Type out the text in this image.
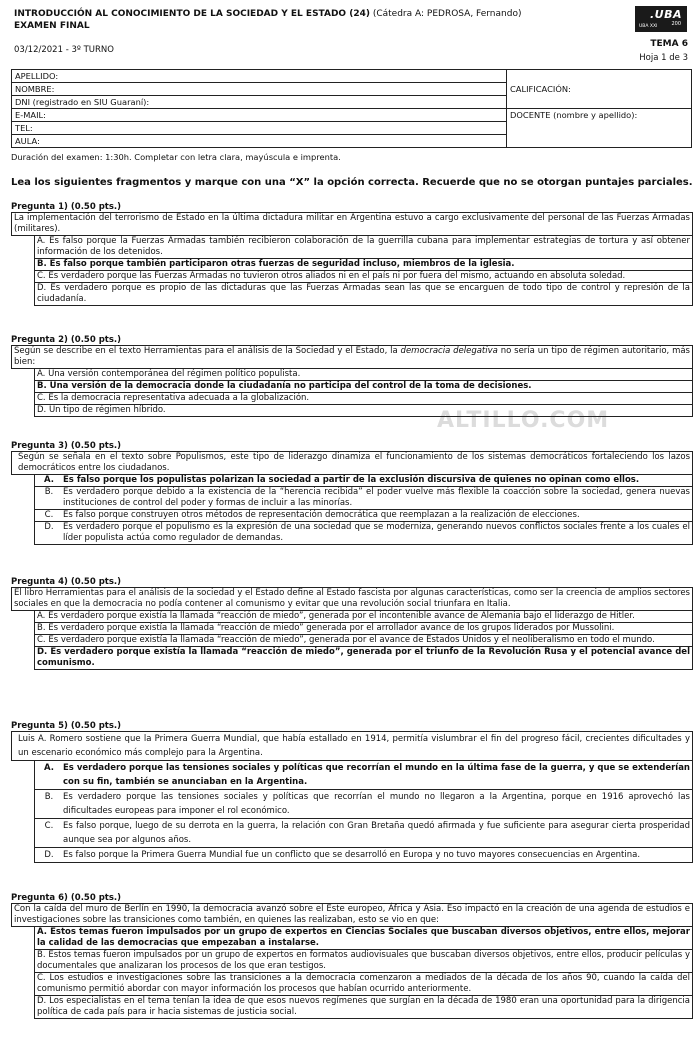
INTRODUCCIÓN AL CONOCIMIENTO DE LA SOCIEDAD Y EL ESTADO (24) (Cátedra A: PEDROSA, Fernando)
EXAMEN FINAL
03/12/2021 - 3º TURNO
.UBA
UBA XXI	200
TEMA 6
Hoja 1 de 3
APELLIDO:	CALIFICACIÓN:
NOMBRE:	
DNI (registrado en SIU Guaraní):	
E-MAIL:	DOCENTE (nombre y apellido):
TEL:	
AULA:	
Duración del examen: 1:30h. Completar con letra clara, mayúscula e imprenta.
Lea los siguientes fragmentos y marque con una “X” la opción correcta. Recuerde que no se otorgan puntajes parciales.
ALTILLO.COM
Pregunta 1) (0.50 pts.)
La implementación del terrorismo de Estado en la última dictadura militar en Argentina estuvo a cargo exclusivamente del personal de las Fuerzas Armadas (militares).
A. Es falso porque la Fuerzas Armadas también recibieron colaboración de la guerrilla cubana para implementar estrategias de tortura y así obtener información de los detenidos.
B. Es falso porque también participaron otras fuerzas de seguridad incluso, miembros de la iglesia.
C. Es verdadero porque las Fuerzas Armadas no tuvieron otros aliados ni en el país ni por fuera del mismo, actuando en absoluta soledad.
D. Es verdadero porque es propio de las dictaduras que las Fuerzas Armadas sean las que se encarguen de todo tipo de control y represión de la ciudadanía.
Pregunta 2) (0.50 pts.)
Según se describe en el texto Herramientas para el análisis de la Sociedad y el Estado, la democracia delegativa no sería un tipo de régimen autoritario, más bien:
A. Una versión contemporánea del régimen político populista.
B. Una versión de la democracia donde la ciudadanía no participa del control de la toma de decisiones.
C. Es la democracia representativa adecuada a la globalización.
D. Un tipo de régimen híbrido.
Pregunta 3) (0.50 pts.)
Según se señala en el texto sobre Populismos, este tipo de liderazgo dinamiza el funcionamiento de los sistemas democráticos fortaleciendo los lazos democráticos entre los ciudadanos.
A.	Es falso porque los populistas polarizan la sociedad a partir de la exclusión discursiva de quienes no opinan como ellos.
B.	Es verdadero porque debido a la existencia de la “herencia recibida” el poder vuelve más flexible la coacción sobre la sociedad, genera nuevas instituciones de control del poder y formas de incluir a las minorías.
C.	Es falso porque construyen otros métodos de representación democrática que reemplazan a la realización de elecciones.
D.	Es verdadero porque el populismo es la expresión de una sociedad que se moderniza, generando nuevos conflictos sociales frente a los cuales el líder populista actúa como regulador de demandas.
Pregunta 4) (0.50 pts.)
El libro Herramientas para el análisis de la sociedad y el Estado define al Estado fascista por algunas características, como ser la creencia de amplios sectores sociales en que la democracia no podía contener al comunismo y evitar que una revolución social triunfara en Italia.
A. Es verdadero porque existía la llamada “reacción de miedo”, generada por el incontenible avance de Alemania bajo el liderazgo de Hitler.
B. Es verdadero porque existía la llamada “reacción de miedo” generada por el arrollador avance de los grupos liderados por Mussolini.
C. Es verdadero porque existía la llamada “reacción de miedo”, generada por el avance de Estados Unidos y el neoliberalismo en todo el mundo.
D. Es verdadero porque existía la llamada “reacción de miedo”, generada por el triunfo de la Revolución Rusa y el potencial avance del comunismo.
Pregunta 5) (0.50 pts.)
Luis A. Romero sostiene que la Primera Guerra Mundial, que había estallado en 1914, permitía vislumbrar el fin del progreso fácil, crecientes dificultades y un escenario económico más complejo para la Argentina.
A.	Es verdadero porque las tensiones sociales y políticas que recorrían el mundo en la última fase de la guerra, y que se extenderían con su fin, también se anunciaban en la Argentina.
B.	Es verdadero porque las tensiones sociales y políticas que recorrían el mundo no llegaron a la Argentina, porque en 1916 aprovechó las dificultades europeas para imponer el rol económico.
C.	Es falso porque, luego de su derrota en la guerra, la relación con Gran Bretaña quedó afirmada y fue suficiente para asegurar cierta prosperidad aunque sea por algunos años.
D.	Es falso porque la Primera Guerra Mundial fue un conflicto que se desarrolló en Europa y no tuvo mayores consecuencias en Argentina.
Pregunta 6) (0.50 pts.)
Con la caída del muro de Berlín en 1990, la democracia avanzó sobre el Este europeo, África y Asia. Eso impactó en la creación de una agenda de estudios e investigaciones sobre las transiciones como también, en quienes las realizaban, esto se vio en que:
A. Estos temas fueron impulsados por un grupo de expertos en Ciencias Sociales que buscaban diversos objetivos, entre ellos, mejorar la calidad de las democracias que empezaban a instalarse.
B. Estos temas fueron impulsados por un grupo de expertos en formatos audiovisuales que buscaban diversos objetivos, entre ellos, producir películas y documentales que analizaran los procesos de los que eran testigos.
C. Los estudios e investigaciones sobre las transiciones a la democracia comenzaron a mediados de la década de los años 90, cuando la caída del comunismo permitió abordar con mayor información los procesos que habían ocurrido anteriormente.
D. Los especialistas en el tema tenían la idea de que esos nuevos regímenes que surgían en la década de 1980 eran una oportunidad para la dirigencia política de cada país para ir hacia sistemas de justicia social.
